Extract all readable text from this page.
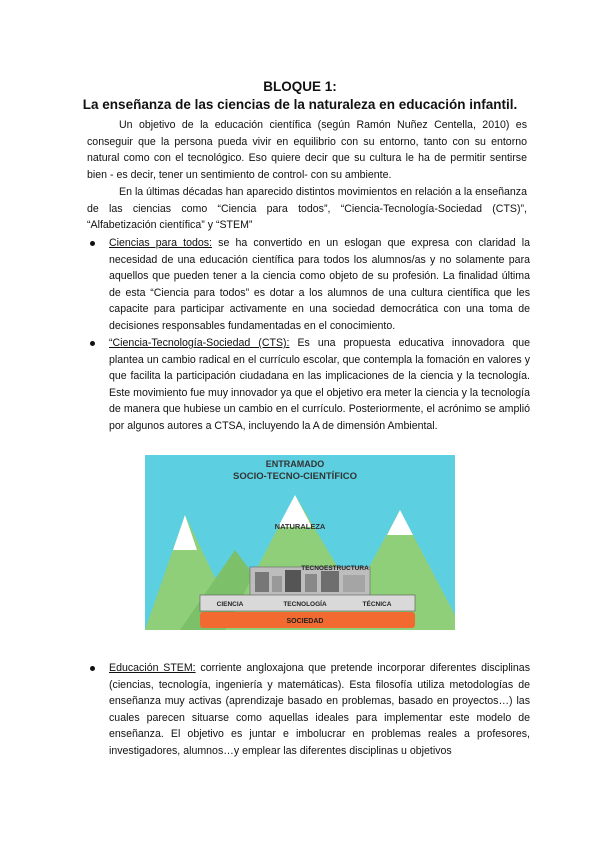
BLOQUE 1:
La enseñanza de las ciencias de la naturaleza en educación infantil.
Un objetivo de la educación científica (según Ramón Nuñez Centella, 2010) es conseguir que la persona pueda vivir en equilibrio con su entorno, tanto con su entorno natural como con el tecnológico. Eso quiere decir que su cultura le ha de permitir sentirse bien - es decir, tener un sentimiento de control- con su ambiente.
En la últimas décadas han aparecido distintos movimientos en relación a la enseñanza de las ciencias como “Ciencia para todos”, “Ciencia-Tecnología-Sociedad (CTS)”, “Alfabetización científica” y “STEM”
Ciencias para todos: se ha convertido en un eslogan que expresa con claridad la necesidad de una educación científica para todos los alumnos/as y no solamente para aquellos que pueden tener a la ciencia como objeto de su profesión. La finalidad última de esta “Ciencia para todos” es dotar a los alumnos de una cultura científica que les capacite para participar activamente en una sociedad democrática con una toma de decisiones responsables fundamentadas en el conocimiento.
“Ciencia-Tecnología-Sociedad (CTS): Es una propuesta educativa innovadora que plantea un cambio radical en el currículo escolar, que contempla la fomación en valores y que facilita la participación ciudadana en las implicaciones de la ciencia y la tecnología. Este movimiento fue muy innovador ya que el objetivo era meter la ciencia y la tecnología de manera que hubiese un cambio en el currículo. Posteriormente, el acrónimo se amplió por algunos autores a CTSA, incluyendo la A de dimensión Ambiental.
ENTRAMADO
SOCIO-TECNO-CIENTÍFICO
NATURALEZA
TECNOESTRUCTURA
CIENCIA	TECNOLOGÍA	TÉCNICA
SOCIEDAD
Educación STEM: corriente angloxajona que pretende incorporar diferentes disciplinas (ciencias, tecnología, ingeniería y matemáticas). Esta filosofía utiliza metodologías de enseñanza muy activas (aprendizaje basado en problemas, basado en proyectos…) las cuales parecen situarse como aquellas ideales para implementar este modelo de enseñanza. El objetivo es juntar e imbolucrar en problemas reales a profesores, investigadores, alumnos…y emplear las diferentes disciplinas u objetivos
